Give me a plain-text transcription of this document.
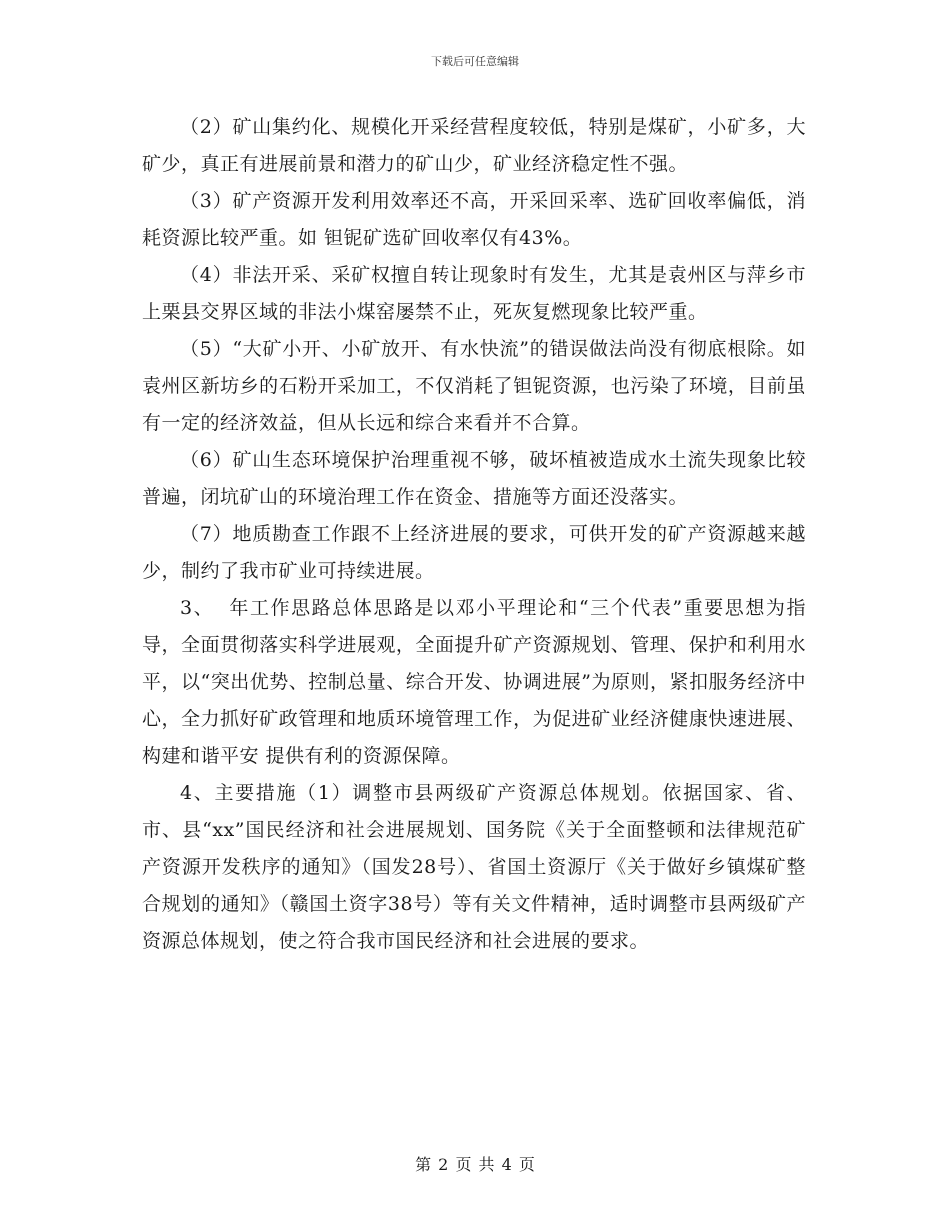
下载后可任意编辑

（2）矿山集约化、规模化开采经营程度较低，特别是煤矿，小矿多，大矿少，真正有进展前景和潜力的矿山少，矿业经济稳定性不强。

（3）矿产资源开发利用效率还不高，开采回采率、选矿回收率偏低，消耗资源比较严重。如 钽铌矿选矿回收率仅有43%。

（4）非法开采、采矿权擅自转让现象时有发生，尤其是袁州区与萍乡市上栗县交界区域的非法小煤窑屡禁不止，死灰复燃现象比较严重。

（5）“大矿小开、小矿放开、有水快流”的错误做法尚没有彻底根除。如袁州区新坊乡的石粉开采加工，不仅消耗了钽铌资源，也污染了环境，目前虽有一定的经济效益，但从长远和综合来看并不合算。

（6）矿山生态环境保护治理重视不够，破坏植被造成水土流失现象比较普遍，闭坑矿山的环境治理工作在资金、措施等方面还没落实。

（7）地质勘查工作跟不上经济进展的要求，可供开发的矿产资源越来越少，制约了我市矿业可持续进展。

3、  年工作思路总体思路是以邓小平理论和“三个代表”重要思想为指导，全面贯彻落实科学进展观，全面提升矿产资源规划、管理、保护和利用水平，以“突出优势、控制总量、综合开发、协调进展”为原则，紧扣服务经济中心，全力抓好矿政管理和地质环境管理工作，为促进矿业经济健康快速进展、构建和谐平安 提供有利的资源保障。

4、主要措施（1）调整市县两级矿产资源总体规划。依据国家、省、市、县“xx”国民经济和社会进展规划、国务院《关于全面整顿和法律规范矿产资源开发秩序的通知》（国发28号）、省国土资源厅《关于做好乡镇煤矿整合规划的通知》（赣国土资字38号）等有关文件精神，适时调整市县两级矿产资源总体规划，使之符合我市国民经济和社会进展的要求。

第 2 页 共 4 页
